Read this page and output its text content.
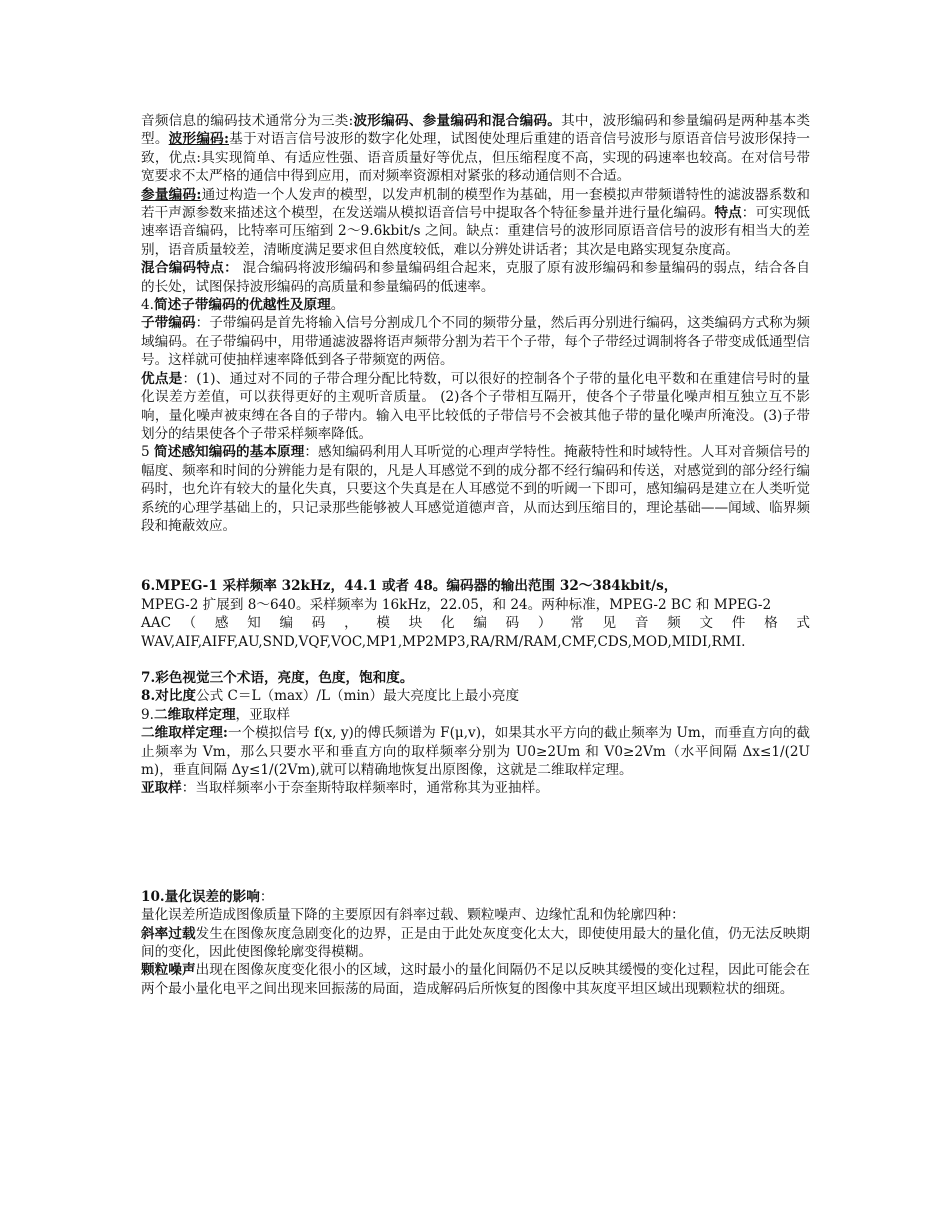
音频信息的编码技术通常分为三类:波形编码、参量编码和混合编码。其中，波形编码和参量编码是两种基本类型。波形编码:基于对语言信号波形的数字化处理，试图使处理后重建的语音信号波形与原语音信号波形保持一致，优点:具实现简单、有适应性强、语音质量好等优点，但压缩程度不高，实现的码速率也较高。在对信号带宽要求不太严格的通信中得到应用，而对频率资源相对紧张的移动通信则不合适。

参量编码:通过构造一个人发声的模型，以发声机制的模型作为基础，用一套模拟声带频谱特性的滤波器系数和若干声源参数来描述这个模型，在发送端从模拟语音信号中提取各个特征参量并进行量化编码。特点：可实现低速率语音编码，比特率可压缩到 2～9.6kbit/s 之间。缺点：重建信号的波形同原语音信号的波形有相当大的差别，语音质量较差，清晰度满足要求但自然度较低，难以分辨处讲话者；其次是电路实现复杂度高。

混合编码特点： 混合编码将波形编码和参量编码组合起来，克服了原有波形编码和参量编码的弱点，结合各自的长处，试图保持波形编码的高质量和参量编码的低速率。

4.简述子带编码的优越性及原理。

子带编码：子带编码是首先将输入信号分割成几个不同的频带分量，然后再分别进行编码，这类编码方式称为频域编码。在子带编码中，用带通滤波器将语声频带分割为若干个子带，每个子带经过调制将各子带变成低通型信号。这样就可使抽样速率降低到各子带频宽的两倍。

优点是：(1)、通过对不同的子带合理分配比特数，可以很好的控制各个子带的量化电平数和在重建信号时的量化误差方差值，可以获得更好的主观听音质量。 (2)各个子带相互隔开，使各个子带量化噪声相互独立互不影响，量化噪声被束缚在各自的子带内。输入电平比较低的子带信号不会被其他子带的量化噪声所淹没。(3)子带划分的结果使各个子带采样频率降低。

5 简述感知编码的基本原理：感知编码利用人耳听觉的心理声学特性。掩蔽特性和时域特性。人耳对音频信号的幅度、频率和时间的分辨能力是有限的，凡是人耳感觉不到的成分都不经行编码和传送，对感觉到的部分经行编码时，也允许有较大的量化失真，只要这个失真是在人耳感觉不到的听阈一下即可，感知编码是建立在人类听觉系统的心理学基础上的，只记录那些能够被人耳感觉道德声音，从而达到压缩目的，理论基础——闻域、临界频段和掩蔽效应。

6.MPEG-1 采样频率 32kHz，44.1 或者 48。编码器的输出范围 32～384kbit/s，

MPEG-2 扩展到 8～640。采样频率为 16kHz，22.05，和 24。两种标准，MPEG-2 BC 和 MPEG-2

AAC （ 感 知 编 码 ， 模 块 化 编 码 ） 常 见 音 频 文 件 格 式

WAV,AIF,AIFF,AU,SND,VQF,VOC,MP1,MP2MP3,RA/RM/RAM,CMF,CDS,MOD,MIDI,RMI.

7.彩色视觉三个术语，亮度，色度，饱和度。

8.对比度公式 C＝L（max）/L（min）最大亮度比上最小亮度

9.二维取样定理，亚取样

二维取样定理:一个模拟信号 f(x, y)的傅氏频谱为 F(μ,v)，如果其水平方向的截止频率为 Um，而垂直方向的截止频率为 Vm，那么只要水平和垂直方向的取样频率分别为 U0≥2Um 和 V0≥2Vm（水平间隔 Δx≤1/(2Um)，垂直间隔 Δy≤1/(2Vm),就可以精确地恢复出原图像，这就是二维取样定理。

亚取样：当取样频率小于奈奎斯特取样频率时，通常称其为亚抽样。

10.量化误差的影响：

量化误差所造成图像质量下降的主要原因有斜率过载、颗粒噪声、边缘忙乱和伪轮廓四种：

斜率过载发生在图像灰度急剧变化的边界，正是由于此处灰度变化太大，即使使用最大的量化值，仍无法反映期间的变化，因此使图像轮廓变得模糊。

颗粒噪声出现在图像灰度变化很小的区域，这时最小的量化间隔仍不足以反映其缓慢的变化过程，因此可能会在两个最小量化电平之间出现来回振荡的局面，造成解码后所恢复的图像中其灰度平坦区域出现颗粒状的细斑。
